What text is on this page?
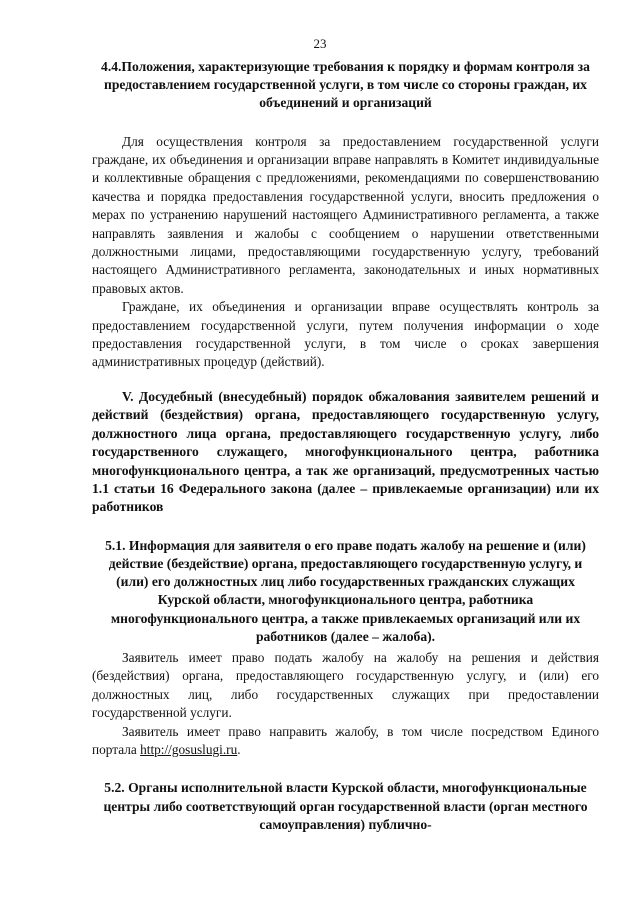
23

4.4.Положения, характеризующие требования к порядку и формам контроля за предоставлением государственной услуги, в том числе со стороны граждан, их объединений и организаций

Для осуществления контроля за предоставлением государственной услуги граждане, их объединения и организации вправе направлять в Комитет индивидуальные и коллективные обращения с предложениями, рекомендациями по совершенствованию качества и порядка предоставления государственной услуги, вносить предложения о мерах по устранению нарушений настоящего Административного регламента, а также направлять заявления и жалобы с сообщением о нарушении ответственными должностными лицами, предоставляющими государственную услугу, требований настоящего Административного регламента, законодательных и иных нормативных правовых актов.

Граждане, их объединения и организации вправе осуществлять контроль за предоставлением государственной услуги, путем получения информации о ходе предоставления государственной услуги, в том числе о сроках завершения административных процедур (действий).

V. Досудебный (внесудебный) порядок обжалования заявителем решений и действий (бездействия) органа, предоставляющего государственную услугу, должностного лица органа, предоставляющего государственную услугу, либо государственного служащего, многофункционального центра, работника многофункционального центра, а так же организаций, предусмотренных частью 1.1 статьи 16 Федерального закона (далее – привлекаемые организации) или их работников

5.1. Информация для заявителя о его праве подать жалобу на решение и (или) действие (бездействие) органа, предоставляющего государственную услугу, и (или) его должностных лиц либо государственных гражданских служащих Курской области, многофункционального центра, работника многофункционального центра, а также привлекаемых организаций или их работников (далее – жалоба).

Заявитель имеет право подать жалобу на жалобу на решения и действия (бездействия) органа, предоставляющего государственную услугу, и (или) его должностных лиц, либо государственных служащих при предоставлении государственной услуги.

Заявитель имеет право направить жалобу, в том числе посредством Единого портала http://gosuslugi.ru.

5.2. Органы исполнительной власти Курской области, многофункциональные центры либо соответствующий орган государственной власти (орган местного самоуправления) публично-
